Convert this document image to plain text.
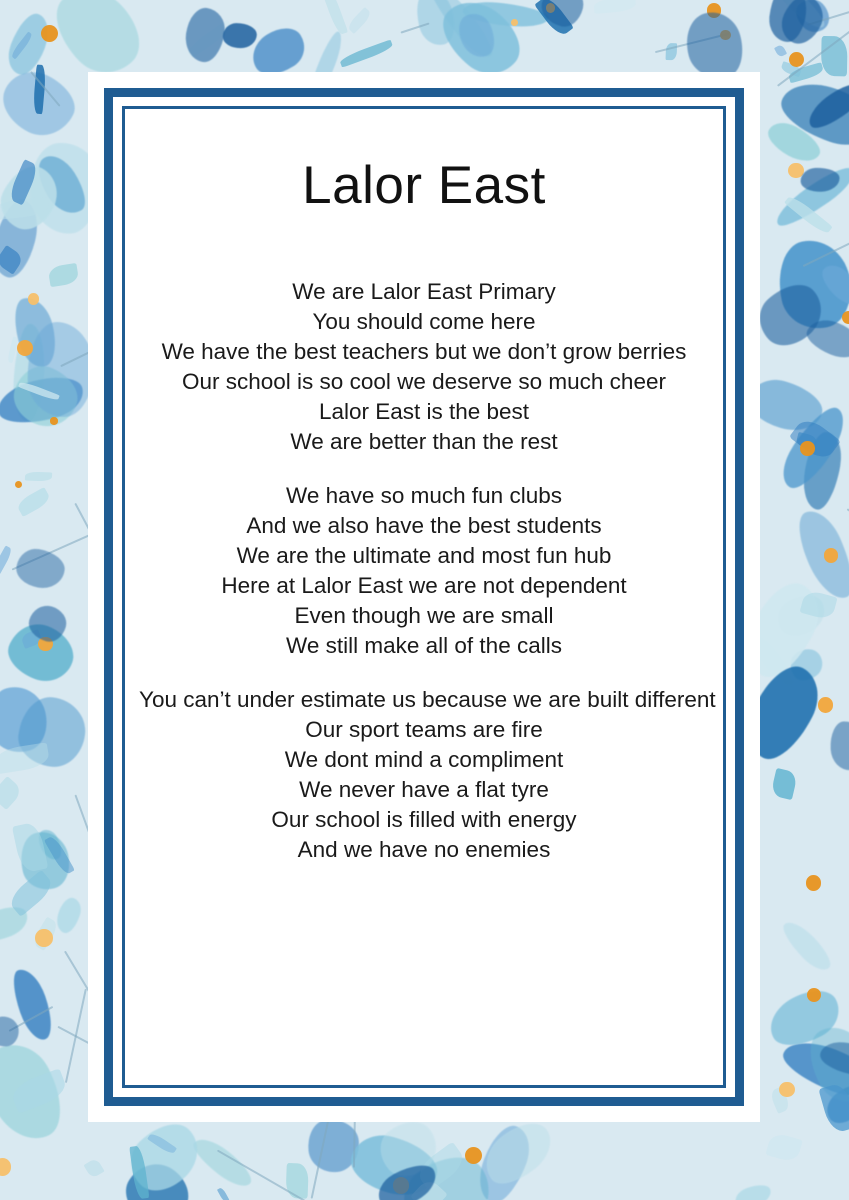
Lalor East
We are Lalor East Primary
You should come here
We have the best teachers but we don’t grow berries
Our school is so cool we deserve so much cheer
Lalor East is the best
We are better than the rest
We have so much fun clubs
And we also have the best students
We are the ultimate and most fun hub
Here at Lalor East we are not dependent
Even though we are small
We still make all of the calls
You can’t under estimate us because we are built different
Our sport teams are fire
We dont mind a compliment
We never have a flat tyre
Our school is filled with energy
And we have no enemies
